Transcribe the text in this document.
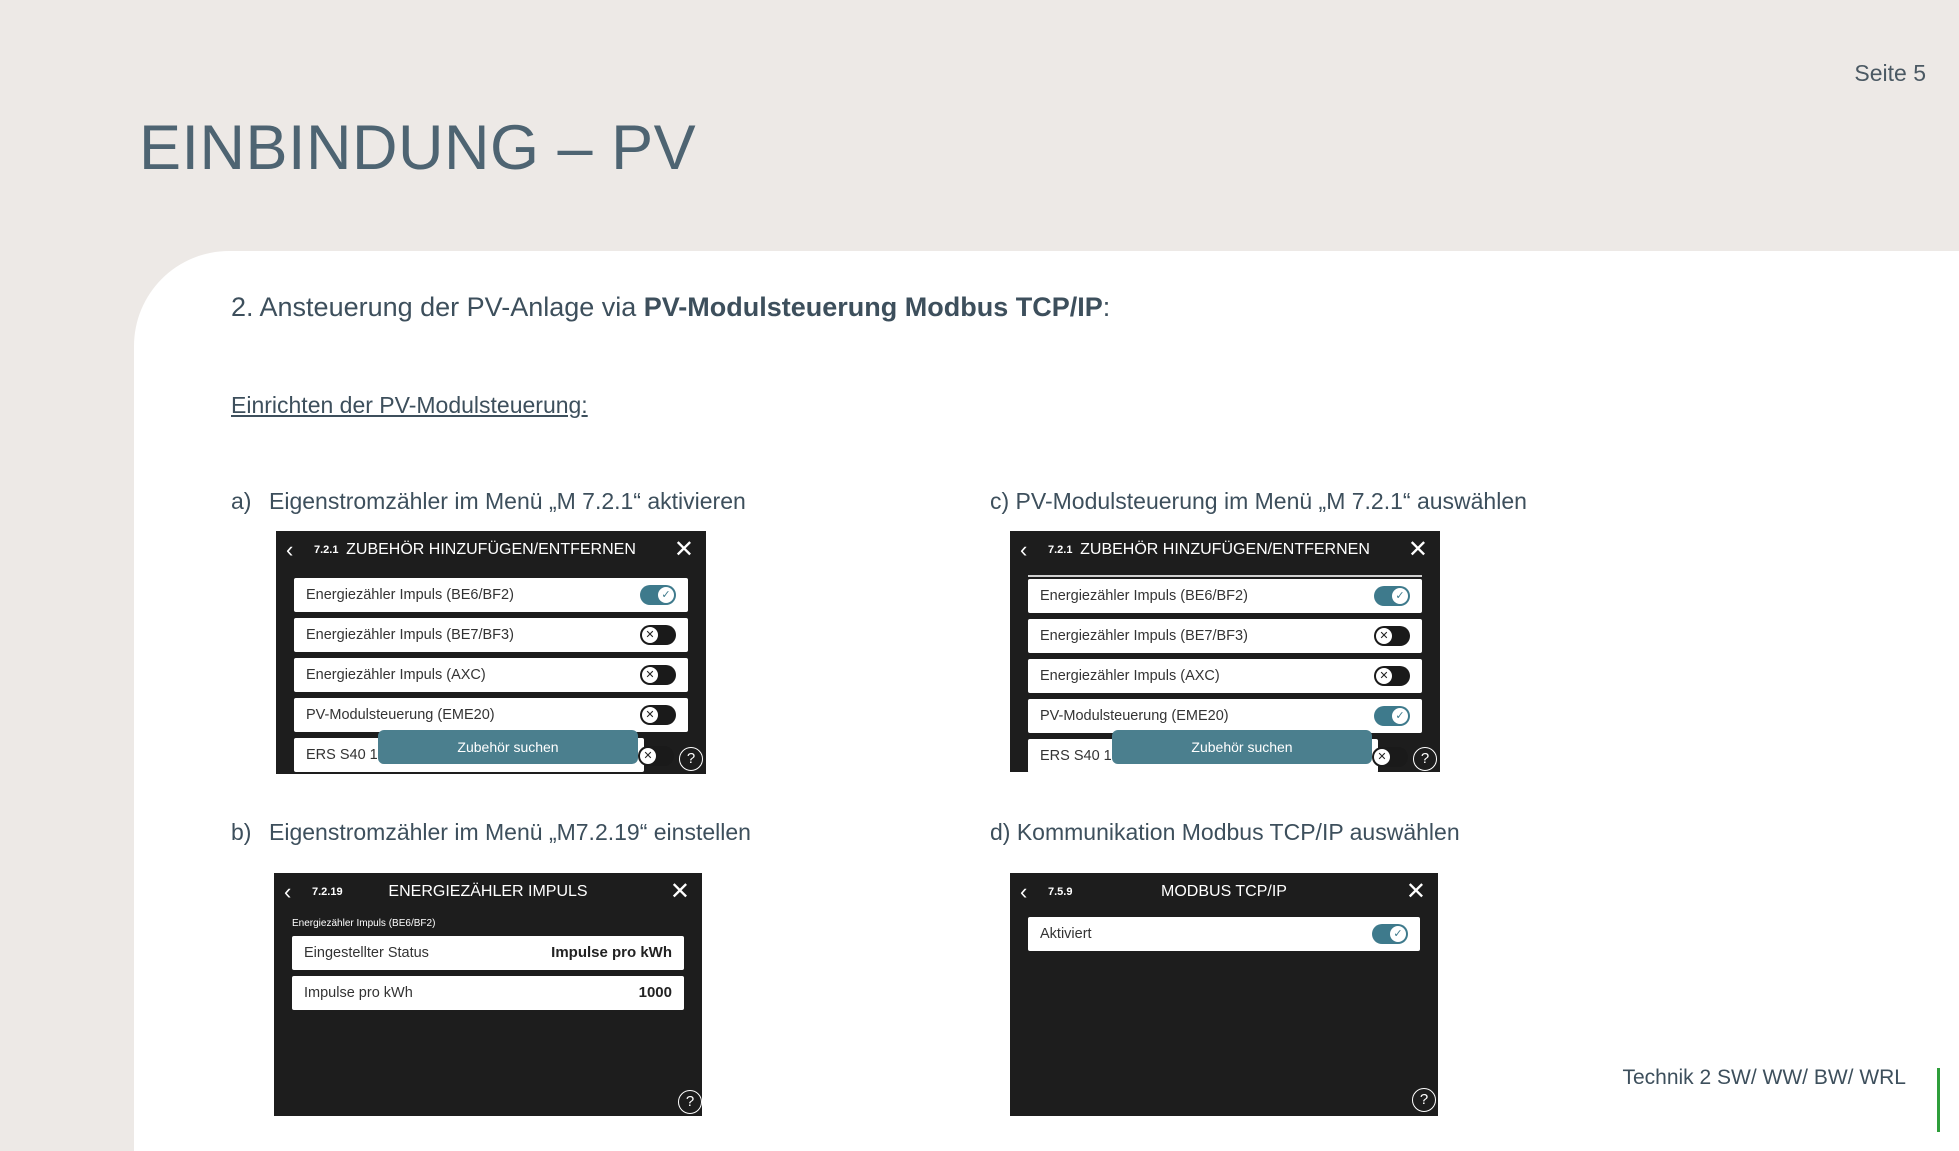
Seite 5
EINBINDUNG – PV
2. Ansteuerung der PV-Anlage via PV-Modulsteuerung Modbus TCP/IP:
Einrichten der PV-Modulsteuerung:
a) Eigenstromzähler im Menü „M 7.2.1“ aktivieren
b) Eigenstromzähler im Menü „M7.2.19“ einstellen
c) PV-Modulsteuerung im Menü „M 7.2.1“ auswählen
d) Kommunikation Modbus TCP/IP auswählen
‹ 7.2.1 ZUBEHÖR HINZUFÜGEN/ENTFERNEN	✕
Energiezähler Impuls (BE6/BF2)	✓
Energiezähler Impuls (BE7/BF3)	✕
Energiezähler Impuls (AXC)	✕
PV-Modulsteuerung (EME20)	✕
ERS S40 1	✕
Zubehör suchen
?
‹ 7.2.1 ZUBEHÖR HINZUFÜGEN/ENTFERNEN	✕
Energiezähler Impuls (BE6/BF2)	✓
Energiezähler Impuls (BE7/BF3)	✕
Energiezähler Impuls (AXC)	✕
PV-Modulsteuerung (EME20)	✓
ERS S40 1	✕
Zubehör suchen
?
‹ 7.2.19	ENERGIEZÄHLER IMPULS	✕
Energiezähler Impuls (BE6/BF2)
Eingestellter Status	Impulse pro kWh
Impulse pro kWh	1000
?
‹ 7.5.9	MODBUS TCP/IP	✕
Aktiviert	✓
?
Technik 2 SW/ WW/ BW/ WRL
